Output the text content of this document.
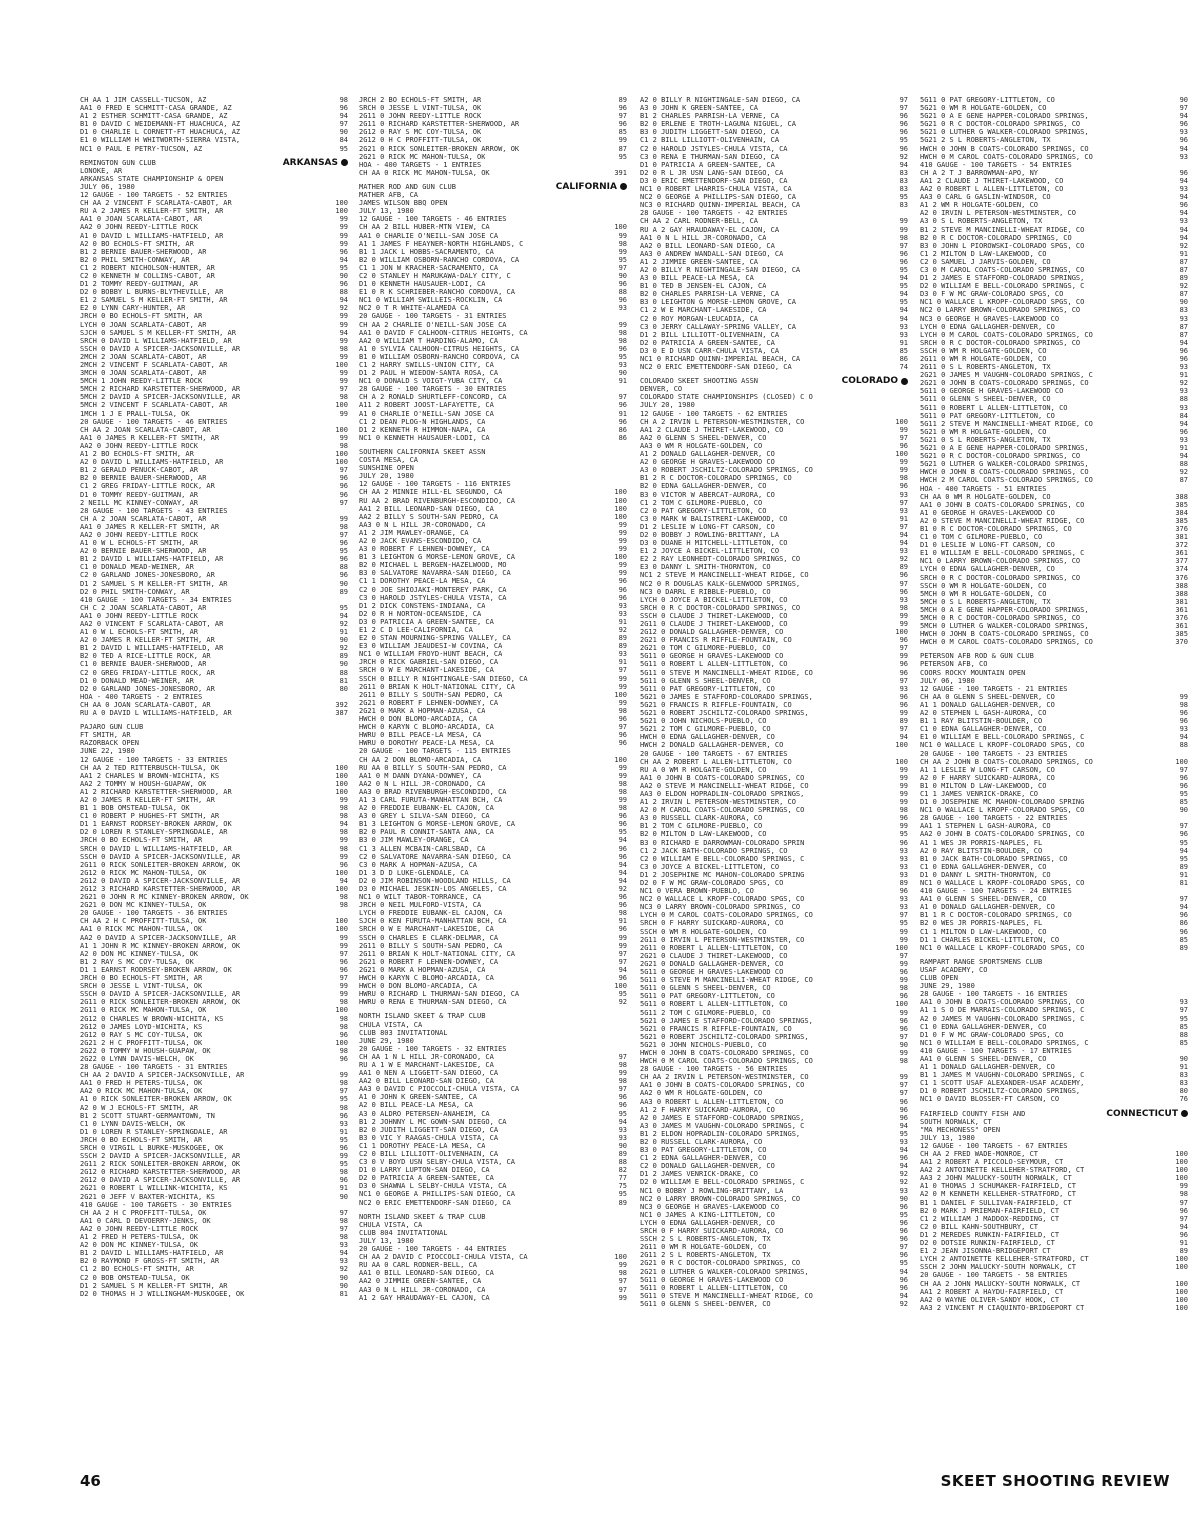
CH AA 1 JIM CASSELL-TUCSON, AZ	98
AA1 0 FRED E SCHMITT-CASA GRANDE, AZ	96
A1 2 ESTHER SCHMITT-CASA GRANDE, AZ	94
B1 0 DAVID C WEIDEMANN-FT HUACHUCA, AZ	97
D1 0 CHARLIE L CORNETT-FT HUACHUCA, AZ	90
E1 0 WILLIAM H WHITWORTH-SIERRA VISTA,	84
NC1 0 PAUL E PETRY-TUCSON, AZ	95
REMINGTON GUN CLUB	ARKANSAS
LONOKE, AR
ARKANSAS STATE CHAMPIONSHIP & OPEN
JULY 06, 1980
12 GAUGE - 100 TARGETS - 52 ENTRIES
CH AA 2 VINCENT F SCARLATA-CABOT, AR	100
RU A 2 JAMES R KELLER-FT SMITH, AR	100
AA1 0 JOAN SCARLATA-CABOT, AR	99
AA2 0 JOHN REEDY-LITTLE ROCK	99
A1 0 DAVID L WILLIAMS-HATFIELD, AR	99
A2 0 BO ECHOLS-FT SMITH, AR	99
B1 2 BERNIE BAUER-SHERWOOD, AR	96
B2 0 PHIL SMITH-CONWAY, AR	94
C1 2 ROBERT NICHOLSON-HUNTER, AR	95
C2 0 KENNETH W COLLINS-CABOT, AR	90
D1 2 TOMMY REEDY-GUITMAN, AR	96
D2 0 BOBBY L BURNS-BLYTHEVILLE, AR	88
E1 2 SAMUEL S M KELLER-FT SMITH, AR	94
E2 0 LYNN CARY-HUNTER, AR	92
JRCH 0 BO ECHOLS-FT SMITH, AR	99
LYCH 0 JOAN SCARLATA-CABOT, AR	99
SJCH 0 SAMUEL S M KELLER-FT SMITH, AR	94
SRCH 0 DAVID L WILLIAMS-HATFIELD, AR	99
SSCH 0 DAVID A SPICER-JACKSONVILLE, AR	98
2MCH 2 JOAN SCARLATA-CABOT, AR	99
2MCH 2 VINCENT F SCARLATA-CABOT, AR	100
3MCH 0 JOAN SCARLATA-CABOT, AR	99
5MCH 1 JOHN REEDY-LITTLE ROCK	99
5MCH 2 RICHARD KARSTETTER-SHERWOOD, AR	97
5MCH 2 DAVID A SPICER-JACKSONVILLE, AR	98
5MCH 2 VINCENT F SCARLATA-CABOT, AR	100
1MCH 1 J E PRALL-TULSA, OK	99
20 GAUGE - 100 TARGETS - 46 ENTRIES
CH AA 2 JOAN SCARLATA-CABOT, AR	100
AA1 0 JAMES R KELLER-FT SMITH, AR	99
AA2 0 JOHN REEDY-LITTLE ROCK	98
A1 2 BO ECHOLS-FT SMITH, AR	100
A2 0 DAVID L WILLIAMS-HATFIELD, AR	100
B1 2 GERALD PENUCK-CABOT, AR	97
B2 0 BERNIE BAUER-SHERWOOD, AR	96
C1 2 GREG FRIDAY-LITTLE ROCK, AR	96
D1 0 TOMMY REEDY-GUITMAN, AR	96
2 NEILL MC KINNEY-CONWAY, AR	97
28 GAUGE - 100 TARGETS - 43 ENTRIES
CH A 2 JOAN SCARLATA-CABOT, AR	99
AA1 0 JAMES R KELLER-FT SMITH, AR	98
AA2 0 JOHN REEDY-LITTLE ROCK	97
A1 0 W L ECHOLS-FT SMITH, AR	96
A2 0 BERNIE BAUER-SHERWOOD, AR	95
B1 2 DAVID L WILLIAMS-HATFIELD, AR	96
C1 0 DONALD MEAD-WEINER, AR	88
C2 0 GARLAND JONES-JONESBORO, AR	96
D1 2 SAMUEL S M KELLER-FT SMITH, AR	90
D2 0 PHIL SMITH-CONWAY, AR	89
410 GAUGE - 100 TARGETS - 34 ENTRIES
CH C 2 JOAN SCARLATA-CABOT, AR	95
AA1 0 JOHN REEDY-LITTLE ROCK	94
AA2 0 VINCENT F SCARLATA-CABOT, AR	92
A1 0 W L ECHOLS-FT SMITH, AR	91
A2 0 JAMES R KELLER-FT SMITH, AR	90
B1 2 DAVID L WILLIAMS-HATFIELD, AR	92
B2 0 TED A RICE-LITTLE ROCK, AR	89
C1 0 BERNIE BAUER-SHERWOOD, AR	90
C2 0 GREG FRIDAY-LITTLE ROCK, AR	88
D1 0 DONALD MEAD-WEINER, AR	81
D2 0 GARLAND JONES-JONESBORO, AR	80
HOA - 400 TARGETS - 2 ENTRIES
CH AA 0 JOAN SCARLATA-CABOT, AR	392
RU A 0 DAVID L WILLIAMS-HATFIELD, AR	387
PAJARO GUN CLUB
FT SMITH, AR
RAZORBACK OPEN
JUNE 22, 1980
12 GAUGE - 100 TARGETS - 33 ENTRIES
CH AA 2 TED RITTERBUSCH-TULSA, OK	100
AA1 2 CHARLES W BROWN-WICHITA, KS	100
AA2 2 TOMMY W HOUSH-GUAPAW, OK	100
A1 2 RICHARD KARSTETTER-SHERWOOD, AR	100
A2 0 JAMES R KELLER-FT SMITH, AR	99
B1 1 BOB OMSTEAD-TULSA, OK	98
C1 0 ROBERT P HUGHES-FT SMITH, AR	98
D1 1 EARNST RODRSEY-BROKEN ARROW, OK	94
D2 0 LOREN R STANLEY-SPRINGDALE, AR	98
JRCH 0 BO ECHOLS-FT SMITH, AR	99
SRCH 0 DAVID L WILLIAMS-HATFIELD, AR	98
SSCH 0 DAVID A SPICER-JACKSONVILLE, AR	99
2G11 0 RICK SONLEITER-BROKEN ARROW, OK	96
2G12 0 RICK MC MAHON-TULSA, OK	100
2G12 0 DAVID A SPICER-JACKSONVILLE, AR	94
2G12 3 RICHARD KARSTETTER-SHERWOOD, AR	100
2G21 0 JOHN R MC KINNEY-BROKEN ARROW, OK	98
2G21 0 DON MC KINNEY-TULSA, OK	98
20 GAUGE - 100 TARGETS - 36 ENTRIES
CH AA 2 H C PROFFITT-TULSA, OK	100
AA1 0 RICK MC MAHON-TULSA, OK	100
AA2 0 DAVID A SPICER-JACKSONVILLE, AR	99
A1 1 JOHN R MC KINNEY-BROKEN ARROW, OK	99
A2 0 DON MC KINNEY-TULSA, OK	97
B1 2 RAY S MC COY-TULSA, OK	96
D1 1 EARNST RODRSEY-BROKEN ARROW, OK	96
JRCH 0 BO ECHOLS-FT SMITH, AR	97
SRCH 0 JESSE L VINT-TULSA, OK	99
SSCH 0 DAVID A SPICER-JACKSONVILLE, AR	99
2G11 0 RICK SONLEITER-BROKEN ARROW, OK	98
2G11 0 RICK MC MAHON-TULSA, OK	100
2G12 0 CHARLES W BROWN-WICHITA, KS	98
2G12 0 JAMES LOYD-WICHITA, KS	98
2G12 0 RAY S MC COY-TULSA, OK	96
2G21 2 H C PROFFITT-TULSA, OK	100
2G22 0 TOMMY W HOUSH-GUAPAW, OK	98
2G22 0 LYNN DAVIS-WELCH, OK	96
28 GAUGE - 100 TARGETS - 31 ENTRIES
CH AA 2 DAVID A SPICER-JACKSONVILLE, AR	99
AA1 0 FRED H PETERS-TULSA, OK	98
AA2 0 RICK MC MAHON-TULSA, OK	97
A1 0 RICK SONLEITER-BROKEN ARROW, OK	95
A2 0 W J ECHOLS-FT SMITH, AR	98
B1 2 SCOTT STUART-GERMANTOWN, TN	96
C1 0 LYNN DAVIS-WELCH, OK	93
D1 0 LOREN R STANLEY-SPRINGDALE, AR	91
JRCH 0 BO ECHOLS-FT SMITH, AR	95
SRCH 0 VIRGIL L BURKE-MUSKOGEE, OK	96
SSCH 2 DAVID A SPICER-JACKSONVILLE, AR	99
2G11 2 RICK SONLEITER-BROKEN ARROW, OK	95
2G12 0 RICHARD KARSTETTER-SHERWOOD, AR	98
2G12 0 DAVID A SPICER-JACKSONVILLE, AR	96
2G21 0 ROBERT L WILLINK-WICHITA, KS	91
2G21 0 JEFF V BAXTER-WICHITA, KS	90
410 GAUGE - 100 TARGETS - 30 ENTRIES
CH AA 2 H C PROFFITT-TULSA, OK	97
AA1 0 CARL D DEVOERRY-JENKS, OK	98
AA2 0 JOHN REEDY-LITTLE ROCK	97
A1 2 FRED H PETERS-TULSA, OK	98
A2 0 DON MC KINNEY-TULSA, OK	93
B1 2 DAVID L WILLIAMS-HATFIELD, AR	94
B2 0 RAYMOND F GROSS-FT SMITH, AR	93
C1 2 BO ECHOLS-FT SMITH, AR	92
C2 0 BOB OMSTEAD-TULSA, OK	90
D1 2 SAMUEL S M KELLER-FT SMITH, AR	90
D2 0 THOMAS H J WILLINGHAM-MUSKOGEE, OK	81
JRCH 2 BO ECHOLS-FT SMITH, AR	89
SRCH 0 JESSE L VINT-TULSA, OK	96
2G11 0 JOHN REEDY-LITTLE ROCK	97
2G11 0 RICHARD KARSTETTER-SHERWOOD, AR	96
2G12 0 RAY S MC COY-TULSA, OK	85
2G12 0 H C PROFFITT-TULSA, OK	99
2G21 0 RICK SONLEITER-BROKEN ARROW, OK	87
2G21 0 RICK MC MAHON-TULSA, OK	95
HOA - 400 TARGETS - 1 ENTRIES
CH AA 0 RICK MC MAHON-TULSA, OK	391
MATHER ROD AND GUN CLUB	CALIFORNIA
MATHER AFB, CA
JAMES WILSON BBQ OPEN
JULY 13, 1980
12 GAUGE - 100 TARGETS - 46 ENTRIES
CH AA 2 BILL HUBER-MTN VIEW, CA	100
AA1 0 CHARLIE O'NEILL-SAN JOSE CA	99
A1 1 JAMES F HEAYNER-NORTH HIGHLANDS, C	98
B1 1 JACK L HOBBS-SACRAMENTO, CA	99
B2 0 WILLIAM OSBORN-RANCHO CORDOVA, CA	95
C1 1 JON W KRACHER-SACRAMENTO, CA	97
C2 0 STANLEY H MARUKAWA-DALY CITY, C	90
D1 0 KENNETH HAUSAUER-LODI, CA	96
E1 0 R K SCHRIEBER-RANCHO CORDOVA, CA	88
NC1 0 WILLIAM SWILLEIS-ROCKLIN, CA	96
NC2 0 T R WHITE-ALAMEDA CA	93
20 GAUGE - 100 TARGETS - 31 ENTRIES
CH AA 2 CHARLIE O'NEILL-SAN JOSE CA	99
AA1 0 DAVID F CALHOON-CITRUS HEIGHTS, CA	98
AA2 0 WILLIAM T HARDING-ALAMO, CA	98
A1 0 SYLVIA CALHOON-CITRUS HEIGHTS, CA	96
B1 0 WILLIAM OSBORN-RANCHO CORDOVA, CA	95
C1 2 HARRY SWILLS-UNION CITY, CA	93
D1 2 PAUL H WIEDOW-SANTA ROSA, CA	90
NC1 0 DONALD S VOIGT-YUBA CITY, CA	91
28 GAUGE - 100 TARGETS - 30 ENTRIES
CH A 2 RONALD SHURTLEFF-CONCORD, CA	97
A11 2 ROBERT JOOST-LAFAYETTE, CA	96
A1 0 CHARLIE O'NEILL-SAN JOSE CA	91
C1 2 DEAN PLOG-N HIGHLANDS, CA	96
D1 2 KENNETH R HIMMON-NAPA, CA	86
NC1 0 KENNETH HAUSAUER-LODI, CA	86
SOUTHERN CALIFORNIA SKEET ASSN
COSTA MESA, CA
SUNSHINE OPEN
JULY 20, 1980
12 GAUGE - 100 TARGETS - 116 ENTRIES
CH AA 2 MINNIE HILL-EL SEGUNDO, CA	100
RU AA 2 BRAD RIVENBURGH-ESCONDIDO, CA	100
AA1 2 BILL LEONARD-SAN DIEGO, CA	100
AA2 2 BILLY S SOUTH-SAN PEDRO, CA	100
AA3 0 N L HILL JR-CORONADO, CA	99
A1 2 JIM MAWLEY-ORANGE, CA	99
A2 0 JACK EVANS-ESCONDIDO, CA	99
A3 0 ROBERT F LEHNEN-DOWNEY, CA	99
B1 3 LEIGHTON G MORSE-LEMON GROVE, CA	100
B2 0 MICHAEL L BERGEN-HAZELWOOD, MO	99
B3 0 SALVATORE NAVARRA-SAN DIEGO, CA	99
C1 1 DOROTHY PEACE-LA MESA, CA	96
C2 0 JOE SHIOJAKI-MONTEREY PARK, CA	96
C3 0 HAROLD JSTYLES-CHULA VISTA, CA	96
D1 2 DICK CONSTENS-INDIANA, CA	93
D2 0 R H NORTON-OCEANSIDE, CA	93
D3 0 PATRICIA A GREEN-SANTEE, CA	91
E1 2 C D LEE-CALIFORNIA, CA	92
E2 0 STAN MOURNING-SPRING VALLEY, CA	89
E3 0 WILLIAM JEAUDESI-W COVINA, CA	89
NC1 0 WILLIAM FROYD-HUNT BEACH, CA	93
JRCH 0 RICK GABRIEL-SAN DIEGO, CA	91
SRCH 0 W E MARCHANT-LAKESIDE, CA	97
SSCH 0 BILLY R NIGHTINGALE-SAN DIEGO, CA	99
2G11 0 BRIAN K HOLT-NATIONAL CITY, CA	99
2G11 0 BILLY S SOUTH-SAN PEDRO, CA	100
2G21 0 ROBERT F LEHNEN-DOWNEY, CA	99
2G21 0 MARK A HOPMAN-AZUSA, CA	98
HWCH 0 DON BLOMO-ARCADIA, CA	96
HWCH 0 KARYN C BLOMO-ARCADIA, CA	97
HWRU 0 BILL PEACE-LA MESA, CA	96
HWRU 0 DOROTHY PEACE-LA MESA, CA	96
20 GAUGE - 100 TARGETS - 115 ENTRIES
CH AA 2 DON BLOMO-ARCADIA, CA	100
RU AA 0 BILLY S SOUTH-SAN PEDRO, CA	99
AA1 0 M DANN DYANA-DOWNEY, CA	99
AA2 0 N L HILL JR-CORONADO, CA	98
AA3 0 BRAD RIVENBURGH-ESCONDIDO, CA	98
A1 3 CARL FURUTA-MANHATTAN BCH, CA	99
A2 0 FREDDIE EUBANK-EL CAJON, CA	98
A3 0 GREY L SILVA-SAN DIEGO, CA	96
B1 3 LEIGHTON G MORSE-LEMON GROVE, CA	96
B2 0 PAUL R CONNIT-SANTA ANA, CA	95
B3 0 JIM MAWLEY-ORANGE, CA	94
C1 3 ALLEN MCBAIN-CARLSBAD, CA	96
C2 0 SALVATORE NAVARRA-SAN DIEGO, CA	96
C3 0 MARK A HOPMAN-AZUSA, CA	94
D1 3 D D LUKE-GLENDALE, CA	94
D2 0 JIM ROBINSON-WOODLAND HILLS, CA	94
D3 0 MICHAEL JESKIN-LOS ANGELES, CA	92
NC1 0 WILT TABOR-TORRANCE, CA	96
JRCH 0 NEIL MULFORD-VISTA, CA	96
LYCH 0 FREDDIE EUBANK-EL CAJON, CA	98
SJCH 0 KEN FURUTA-MANHATTAN BCH, CA	91
SRCH 0 W E MARCHANT-LAKESIDE, CA	96
SSCH 0 CHARLES E CLARK-DELMAR, CA	99
2G11 0 BILLY S SOUTH-SAN PEDRO, CA	99
2G11 0 BRIAN K HOLT-NATIONAL CITY, CA	97
2G21 0 ROBERT F LEHNEN-DOWNEY, CA	97
2G21 0 MARK A HOPMAN-AZUSA, CA	94
HWCH 0 KARYN C BLOMO-ARCADIA, CA	96
HWCH 0 DON BLOMO-ARCADIA, CA	100
HWRU 0 RICHARD L THURMAN-SAN DIEGO, CA	95
HWRU 0 RENA E THURMAN-SAN DIEGO, CA	92
NORTH ISLAND SKEET & TRAP CLUB
CHULA VISTA, CA
CLUB 803 INVITATIONAL
JUNE 29, 1980
20 GAUGE - 100 TARGETS - 32 ENTRIES
CH AA 1 N L HILL JR-CORONADO, CA	97
RU A 1 W E MARCHANT-LAKESIDE, CA	98
AA1 0 NEN A LIGGETT-SAN DIEGO, CA	99
AA2 0 BILL LEONARD-SAN DIEGO, CA	98
AA3 0 DAVID C PIOCCOLI-CHULA VISTA, CA	97
A1 0 JOHN K GREEN-SANTEE, CA	96
A2 0 BILL PEACE-LA MESA, CA	96
A3 0 ALDRO PETERSEN-ANAHEIM, CA	95
B1 2 JOHNNY L MC GOWN-SAN DIEGO, CA	94
B2 0 JUDITH LIGGETT-SAN DIEGO, CA	93
B3 0 VIC Y RAAGAS-CHULA VISTA, CA	93
C1 1 DOROTHY PEACE-LA MESA, CA	90
C2 0 BILL LILLIOTT-OLIVENHAIN, CA	89
C3 0 V BOYD USN SELBY-CHULA VISTA, CA	88
D1 0 LARRY LUPTON-SAN DIEGO, CA	82
D2 0 PATRICIA A GREEN-SANTEE, CA	77
D3 0 SHAWNA L SELBY-CHULA VISTA, CA	75
NC1 0 GEORGE A PHILLIPS-SAN DIEGO, CA	95
NC2 0 ERIC EMETTENDORF-SAN DIEGO, CA	89
NORTH ISLAND SKEET & TRAP CLUB
CHULA VISTA, CA
CLUB 804 INVITATIONAL
JULY 13, 1980
20 GAUGE - 100 TARGETS - 44 ENTRIES
CH AA 2 DAVID C PIOCCOLI-CHULA VISTA, CA	100
RU AA 0 CARL RODNER-BELL, CA	99
AA1 0 BILL LEONARD-SAN DIEGO, CA	98
AA2 0 JIMMIE GREEN-SANTEE, CA	97
AA3 0 N L HILL JR-CORONADO, CA	97
A1 2 GAY HRAUDAWAY-EL CAJON, CA	99
A2 0 BILLY R NIGHTINGALE-SAN DIEGO, CA	97
A3 0 JOHN K GREEN-SANTEE, CA	97
B1 2 CHARLES PARRISH-LA VERNE, CA	96
B2 0 ERLENE E TROTH-LAGUNA NIGUEL, CA	96
B3 0 JUDITH LIGGETT-SAN DIEGO, CA	96
C1 2 BILL LILLIOTT-OLIVENHAIN, CA	95
C2 0 HAROLD JSTYLES-CHULA VISTA, CA	96
C3 0 RENA E THURMAN-SAN DIEGO, CA	92
D1 0 PATRICIA A GREEN-SANTEE, CA	94
D2 0 R L JR USN LANG-SAN DIEGO, CA	83
D3 0 ERIC EMETTENDORF-SAN DIEGO, CA	83
NC1 0 ROBERT LHARRIS-CHULA VISTA, CA	83
NC2 0 GEORGE A PHILLIPS-SAN DIEGO, CA	95
NC3 0 RICHARD QUINN-IMPERIAL BEACH, CA	83
28 GAUGE - 100 TARGETS - 42 ENTRIES
CH AA 2 CARL RODNER-BELL, CA	99
RU A 2 GAY HRAUDAWAY-EL CAJON, CA	99
AA1 0 N L HILL JR-CORONADO, CA	98
AA2 0 BILL LEONARD-SAN DIEGO, CA	97
AA3 0 ANDREW WANDALL-SAN DIEGO, CA	96
A1 2 JIMMIE GREEN-SANTEE, CA	96
A2 0 BILLY R NIGHTINGALE-SAN DIEGO, CA	95
A3 0 BILL PEACE-LA MESA, CA	94
B1 0 TED B JENSEN-EL CAJON, CA	95
B2 0 CHARLES PARRISH-LA VERNE, CA	94
B3 0 LEIGHTON G MORSE-LEMON GROVE, CA	95
C1 2 W E MARCHANT-LAKESIDE, CA	94
C2 0 ROY MORGAN-LEUCADIA, CA	94
C3 0 JERRY CALLAWAY-SPRING VALLEY, CA	93
D1 2 BILL LILLIOTT-OLIVENHAIN, CA	93
D2 0 PATRICIA A GREEN-SANTEE, CA	91
D3 0 E D USN CARR-CHULA VISTA, CA	85
NC1 0 RICHARD QUINN-IMPERIAL BEACH, CA	86
NC2 0 ERIC EMETTENDORF-SAN DIEGO, CA	74
COLORADO SKEET SHOOTING ASSN	COLORADO
DENVER, CO
COLORADO STATE CHAMPIONSHIPS (CLOSED) C O
JULY 20, 1980
12 GAUGE - 100 TARGETS - 62 ENTRIES
CH A 2 IRVIN L PETERSON-WESTMINSTER, CO	100
AA1 2 CLAUDE J THIRET-LAKEWOOD, CO	99
AA2 0 GLENN S SHEEL-DENVER, CO	97
AA3 0 WM R HOLGATE-GOLDEN, CO	96
A1 2 DONALD GALLAGHER-DENVER, CO	100
A2 0 GEORGE H GRAVES-LAKEWOOD CO	99
A3 0 ROBERT JSCHILTZ-COLORADO SPRINGS, CO	99
B1 2 R C DOCTOR-COLORADO SPRINGS, CO	98
B2 0 EDNA GALLAGHER-DENVER, CO	96
B3 0 VICTOR W ABERCAT-AURORA, CO	93
C1 2 TOM C GILMORE-PUEBLO, CO	97
C2 0 PAT GREGORY-LITTLETON, CO	93
C3 0 MARK W BALISTRERI-LAKEWOOD, CO	91
D1 2 LESLIE W LONG-FT CARSON, CO	97
D2 0 BOBBY J ROWLING-BRITTANY, LA	94
D3 0 DUANE H MITCHELL-LITTLETON, CO	94
E1 2 JOYCE A BICKEL-LITTLETON, CO	93
E2 2 RAY LEONHEDT-COLORADO SPRINGS, CO	92
E3 0 DANNY L SMITH-THORNTON, CO	89
NC1 2 STEVE M MANCINELLI-WHEAT RIDGE, CO	96
NC2 0 R DOUGLAS KALK-GLENWOOD SPRINGS,	97
NC3 0 DARRL E RIBBLE-PUEBLO, CO	96
LYCH 0 JOYCE A BICKEL-LITTLETON, CO	93
SRCH 0 R C DOCTOR-COLORADO SPRINGS, CO	98
SSCH 0 CLAUDE J THIRET-LAKEWOOD, CO	99
2G11 0 CLAUDE J THIRET-LAKEWOOD, CO	99
2G12 0 DONALD GALLAGHER-DENVER, CO	100
2G21 0 FRANCIS R RIFFLE-FOUNTAIN, CO	96
2G21 0 TOM C GILMORE-PUEBLO, CO	97
5G11 0 GEORGE H GRAVES-LAKEWOOD CO	99
5G11 0 ROBERT L ALLEN-LITTLETON, CO	96
5G11 0 STEVE M MANCINELLI-WHEAT RIDGE, CO	96
5G11 0 GLENN S SHEEL-DENVER, CO	97
5G11 0 PAT GREGORY-LITTLETON, CO	93
5G21 0 JAMES E STAFFORD-COLORADO SPRINGS,	96
5G21 0 FRANCIS R RIFFLE-FOUNTAIN, CO	96
5G21 0 ROBERT JSCHILTZ-COLORADO SPRINGS,	99
5G21 0 JOHN NICHOLS-PUEBLO, CO	89
5G21 2 TOM C GILMORE-PUEBLO, CO	97
HWCH 0 EDNA GALLAGHER-DENVER, CO	94
HWCH 2 DONALD GALLAGHER-DENVER, CO	100
20 GAUGE - 100 TARGETS - 67 ENTRIES
CH AA 2 ROBERT L ALLEN-LITTLETON, CO	100
RU A 0 WM R HOLGATE-GOLDEN, CO	99
AA1 0 JOHN B COATS-COLORADO SPRINGS, CO	99
AA2 0 STEVE M MANCINELLI-WHEAT RIDGE, CO	99
AA3 0 ELDON HOPRADLIN-COLORADO SPRINGS,	99
A1 2 IRVIN L PETERSON-WESTMINSTER, CO	99
A2 0 M CAROL COATS-COLORADO SPRINGS, CO	98
A3 0 RUSSELL CLARK-AURORA, CO	96
B1 2 TOM C GILMORE-PUEBLO, CO	99
B2 0 MILTON D LAW-LAKEWOOD, CO	95
B3 0 RICHARD E DARROWMAN-COLORADO SPRIN	96
C1 2 JACK BATH-COLORADO SPRINGS, CO	93
C2 0 WILLIAM E BELL-COLORADO SPRINGS, C	93
C3 0 JOYCE A BICKEL-LITTLETON, CO	93
D1 2 JOSEPHINE MC MAHON-COLORADO SPRING	93
D2 0 F W MC GRAW-COLORADO SPGS, CO	89
NC1 0 VERA BROWN-PUEBLO, CO	96
NC2 0 WALLACE L KROPF-COLORADO SPGS, CO	93
NC3 0 LARRY BROWN-COLORADO SPRINGS, CO	93
LYCH 0 M CAROL COATS-COLORADO SPRINGS, CO	97
SRCH 0 F HARRY SUICKARD-AURORA, CO	95
SSCH 0 WM R HOLGATE-GOLDEN, CO	99
2G11 0 IRVIN L PETERSON-WESTMINSTER, CO	99
2G11 0 ROBERT L ALLEN-LITTLETON, CO	100
2G21 0 CLAUDE J THIRET-LAKEWOOD, CO	97
2G21 0 DONALD GALLAGHER-DENVER, CO	99
5G11 0 GEORGE H GRAVES-LAKEWOOD CO	96
5G11 0 STEVE M MANCINELLI-WHEAT RIDGE, CO	99
5G11 0 GLENN S SHEEL-DENVER, CO	98
5G11 0 PAT GREGORY-LITTLETON, CO	96
5G11 0 ROBERT L ALLEN-LITTLETON, CO	100
5G11 2 TOM C GILMORE-PUEBLO, CO	99
5G21 0 JAMES E STAFFORD-COLORADO SPRINGS,	96
5G21 0 FRANCIS R RIFFLE-FOUNTAIN, CO	96
5G21 0 ROBERT JSCHILTZ-COLORADO SPRINGS,	97
5G21 0 JOHN NICHOLS-PUEBLO, CO	90
HWCH 0 JOHN B COATS-COLORADO SPRINGS, CO	99
HWCH 0 M CAROL COATS-COLORADO SPRINGS, CO	98
28 GAUGE - 100 TARGETS - 56 ENTRIES
CH AA 2 IRVIN L PETERSON-WESTMINSTER, CO	99
AA1 0 JOHN B COATS-COLORADO SPRINGS, CO	97
AA2 0 WM R HOLGATE-GOLDEN, CO	97
AA3 0 ROBERT L ALLEN-LITTLETON, CO	96
A1 2 F HARRY SUICKARD-AURORA, CO	96
A2 0 JAMES E STAFFORD-COLORADO SPRINGS,	96
A3 0 JAMES M VAUGHN-COLORADO SPRINGS, C	94
B1 2 ELDON HOPRADLIN-COLORADO SPRINGS,	95
B2 0 RUSSELL CLARK-AURORA, CO	93
B3 0 PAT GREGORY-LITTLETON, CO	94
C1 2 EDNA GALLAGHER-DENVER, CO	96
C2 0 DONALD GALLAGHER-DENVER, CO	94
D1 2 JAMES VENRICK-DRAKE, CO	92
D2 0 WILLIAM E BELL-COLORADO SPRINGS, C	92
NC1 0 BOBBY J ROWLING-BRITTANY, LA	93
NC2 0 LARRY BROWN-COLORADO SPRINGS, CO	90
NC3 0 GEORGE H GRAVES-LAKEWOOD CO	96
NC1 0 JAMES A KING-LITTLETON, CO	95
LYCH 0 EDNA GALLAGHER-DENVER, CO	96
SRCH 0 F HARRY SUICKARD-AURORA, CO	96
SSCH 2 S L ROBERTS-ANGLETON, TX	96
2G11 0 WM R HOLGATE-GOLDEN, CO	97
2G11 2 S L ROBERTS-ANGLETON, TX	96
2G21 0 R C DOCTOR-COLORADO SPRINGS, CO	95
2G21 0 LUTHER G WALKER-COLORADO SPRINGS,	94
5G11 0 GEORGE H GRAVES-LAKEWOOD CO	96
5G11 0 ROBERT L ALLEN-LITTLETON, CO	96
5G11 0 STEVE M MANCINELLI-WHEAT RIDGE, CO	94
5G11 0 GLENN S SHEEL-DENVER, CO	92
5G11 0 PAT GREGORY-LITTLETON, CO	90
5G21 0 WM R HOLGATE-GOLDEN, CO	97
5G21 0 A E GENE HAPPER-COLORADO SPRINGS,	94
5G21 0 R C DOCTOR-COLORADO SPRINGS, CO	96
5G21 0 LUTHER G WALKER-COLORADO SPRINGS,	93
5G21 2 S L ROBERTS-ANGLETON, TX	96
HWCH 0 JOHN B COATS-COLORADO SPRINGS, CO	94
HWCH 0 M CAROL COATS-COLORADO SPRINGS, CO	93
410 GAUGE - 100 TARGETS - 54 ENTRIES
CH A 2 T J BARROWMAN-APO, NY	96
AA1 2 CLAUDE J THIRET-LAKEWOOD, CO	94
AA2 0 ROBERT L ALLEN-LITTLETON, CO	93
AA3 0 CARL G GASLIN-WINDSOR, CO	94
A1 2 WM R HOLGATE-GOLDEN, CO	96
A2 0 IRVIN L PETERSON-WESTMINSTER, CO	94
A3 0 S L ROBERTS-ANGLETON, TX	93
B1 2 STEVE M MANCINELLI-WHEAT RIDGE, CO	94
B2 0 R C DOCTOR-COLORADO SPRINGS, CO	94
B3 0 JOHN L PIOROWSKI-COLORADO SPGS, CO	92
C1 2 MILTON D LAW-LAKEWOOD, CO	91
C2 0 SAMUEL J JARVIS-GOLDEN, CO	87
C3 0 M CAROL COATS-COLORADO SPRINGS, CO	87
D1 2 JAMES E STAFFORD-COLORADO SPRINGS,	89
D2 0 WILLIAM E BELL-COLORADO SPRINGS, C	92
D3 0 F W MC GRAW-COLORADO SPGS, CO	87
NC1 0 WALLACE L KROPF-COLORADO SPGS, CO	90
NC2 0 LARRY BROWN-COLORADO SPRINGS, CO	83
NC3 0 GEORGE H GRAVES-LAKEWOOD CO	93
LYCH 0 EDNA GALLAGHER-DENVER, CO	87
LYCH 0 M CAROL COATS-COLORADO SPRINGS, CO	87
SRCH 0 R C DOCTOR-COLORADO SPRINGS, CO	94
SSCH 0 WM R HOLGATE-GOLDEN, CO	96
2G11 0 WM R HOLGATE-GOLDEN, CO	96
2G11 0 S L ROBERTS-ANGLETON, TX	93
2G21 0 JAMES M VAUGHN-COLORADO SPRINGS, C	91
2G21 0 JOHN B COATS-COLORADO SPRINGS, CO	92
5G11 0 GEORGE H GRAVES-LAKEWOOD CO	93
5G11 0 GLENN S SHEEL-DENVER, CO	88
5G11 0 ROBERT L ALLEN-LITTLETON, CO	93
5G11 0 PAT GREGORY-LITTLETON, CO	84
5G11 2 STEVE M MANCINELLI-WHEAT RIDGE, CO	94
5G21 0 WM R HOLGATE-GOLDEN, CO	96
5G21 0 S L ROBERTS-ANGLETON, TX	93
5G21 0 A E GENE HAPPER-COLORADO SPRINGS,	91
5G21 0 R C DOCTOR-COLORADO SPRINGS, CO	94
5G21 0 LUTHER G WALKER-COLORADO SPRINGS,	88
HWCH 0 JOHN B COATS-COLORADO SPRINGS, CO	92
HWCH 2 M CAROL COATS-COLORADO SPRINGS, CO	87
HOA - 400 TARGETS - 51 ENTRIES
CH AA 0 WM R HOLGATE-GOLDEN, CO	388
AA1 0 JOHN B COATS-COLORADO SPRINGS, CO	385
A1 0 GEORGE H GRAVES-LAKEWOOD CO	384
A2 0 STEVE M MANCINELLI-WHEAT RIDGE, CO	385
B1 0 R C DOCTOR-COLORADO SPRINGS, CO	376
C1 0 TOM C GILMORE-PUEBLO, CO	381
D1 0 LESLIE W LONG-FT CARSON, CO	372
E1 0 WILLIAM E BELL-COLORADO SPRINGS, C	361
NC1 0 LARRY BROWN-COLORADO SPRINGS, CO	377
LYCH 0 EDNA GALLAGHER-DENVER, CO	374
SRCH 0 R C DOCTOR-COLORADO SPRINGS, CO	376
SSCH 0 WM R HOLGATE-GOLDEN, CO	388
5MCH 0 WM R HOLGATE-GOLDEN, CO	388
5MCH 0 S L ROBERTS-ANGLETON, TX	381
5MCH 0 A E GENE HAPPER-COLORADO SPRINGS,	361
5MCH 0 R C DOCTOR-COLORADO SPRINGS, CO	376
5MCH 0 LUTHER G WALKER-COLORADO SPRINGS,	361
HWCH 0 JOHN B COATS-COLORADO SPRINGS, CO	385
HWCH 0 M CAROL COATS-COLORADO SPRINGS, CO	370
PETERSON AFB ROD & GUN CLUB
PETERSON AFB, CO
COORS ROCKY MOUNTAIN OPEN
JULY 06, 1980
12 GAUGE - 100 TARGETS - 21 ENTRIES
CH AA 0 GLENN S SHEEL-DENVER, CO	99
A1 1 DONALD GALLAGHER-DENVER, CO	98
A2 0 STEPHEN L GASH-AURORA, CO	96
B1 1 RAY BLITSTIN-BOULDER, CO	96
C1 0 EDNA GALLAGHER-DENVER, CO	93
E1 0 WILLIAM E BELL-COLORADO SPRINGS, C	94
NC1 0 WALLACE L KROPF-COLORADO SPGS, CO	88
20 GAUGE - 100 TARGETS - 23 ENTRIES
CH AA 2 JOHN B COATS-COLORADO SPRINGS, CO	100
A1 1 LESLIE W LONG-FT CARSON, CO	97
A2 0 F HARRY SUICKARD-AURORA, CO	96
B1 0 MILTON D LAW-LAKEWOOD, CO	96
C1 1 JAMES VENRICK-DRAKE, CO	95
D1 0 JOSEPHINE MC MAHON-COLORADO SPRING	85
NC1 0 WALLACE L KROPF-COLORADO SPGS, CO	90
28 GAUGE - 100 TARGETS - 22 ENTRIES
AA1 1 STEPHEN L GASH-AURORA, CO	97
AA2 0 JOHN B COATS-COLORADO SPRINGS, CO	96
A1 1 WES JR PORRIS-NAPLES, FL	95
A2 0 RAY BLITSTIN-BOULDER, CO	94
B1 0 JACK BATH-COLORADO SPRINGS, CO	95
C1 0 EDNA GALLAGHER-DENVER, CO	89
D1 0 DANNY L SMITH-THORNTON, CO	91
NC1 0 WALLACE L KROPF-COLORADO SPGS, CO	81
410 GAUGE - 100 TARGETS - 24 ENTRIES
AA1 0 GLENN S SHEEL-DENVER, CO	97
A1 0 DONALD GALLAGHER-DENVER, CO	94
B1 1 R C DOCTOR-COLORADO SPRINGS, CO	96
B2 0 WES JR PORRIS-NAPLES, FL	86
C1 1 MILTON D LAW-LAKEWOOD, CO	96
D1 1 CHARLES BICKEL-LITTLETON, CO	85
NC1 0 WALLACE L KROPF-COLORADO SPGS, CO	89
RAMPART RANGE SPORTSMENS CLUB
USAF ACADEMY, CO
CLUB OPEN
JUNE 29, 1980
28 GAUGE - 100 TARGETS - 16 ENTRIES
AA1 0 JOHN B COATS-COLORADO SPRINGS, CO	93
A1 1 S O DE MARRAIS-COLORADO SPRINGS, C	97
A2 0 JAMES M VAUGHN-COLORADO SPRINGS, C	95
C1 0 EDNA GALLAGHER-DENVER, CO	85
D1 0 F W MC GRAW-COLORADO SPGS, CO	88
NC1 0 WILLIAM E BELL-COLORADO SPRINGS, C	85
410 GAUGE - 100 TARGETS - 17 ENTRIES
AA1 0 GLENN S SHEEL-DENVER, CO	90
A1 1 DONALD GALLAGHER-DENVER, CO	91
B1 1 JAMES M VAUGHN-COLORADO SPRINGS, C	83
C1 1 SCOTT USAF ALEXANDER-USAF ACADEMY,	83
D1 0 ROBERT JSCHILTZ-COLORADO SPRINGS,	80
NC1 0 DAVID BLOSSER-FT CARSON, CO	76
FAIRFIELD COUNTY FISH AND	CONNECTICUT
SOUTH NORWALK, CT
"MA MECHONESS" OPEN
JULY 13, 1980
12 GAUGE - 100 TARGETS - 67 ENTRIES
CH AA 2 FRED WADE-MONROE, CT	100
AA1 2 ROBERT A PICCOLO-SEYMOUR, CT	100
AA2 2 ANTOINETTE KELLEHER-STRATFORD, CT	100
AA3 2 JOHN MALUCKY-SOUTH NORWALK, CT	100
A1 0 THOMAS J SCHUMAKER-FAIRFIELD, CT	99
A2 0 M KENNETH KELLEHER-STRATFORD, CT	98
B1 1 DANIEL F SULLIVAN-FAIRFIELD, CT	97
B2 0 MARK J PRIEMAN-FAIRFIELD, CT	96
C1 2 WILLIAM J MADDOX-REDDING, CT	97
C2 0 BILL KAHN-SOUTHBURY, CT	94
D1 2 MEREDES RUNKIN-FAIRFIELD, CT	96
D2 0 DOTSIE RUNKIN-FAIRFIELD, CT	91
E1 2 JEAN JISONNA-BRIDGEPORT CT	89
LYCH 2 ANTOINETTE KELLEHER-STRATFORD, CT	100
SSCH 2 JOHN MALUCKY-SOUTH NORWALK, CT	100
20 GAUGE - 100 TARGETS - 58 ENTRIES
CH AA 2 JOHN MALUCKY-SOUTH NORWALK, CT	100
AA1 2 ROBERT A HAYDU-FAIRFIELD, CT	100
AA2 0 WAYNE OLIVER-SANDY HOOK, CT	100
AA3 2 VINCENT M CIAQUINTO-BRIDGEPORT CT	100
46	SKEET SHOOTING REVIEW
